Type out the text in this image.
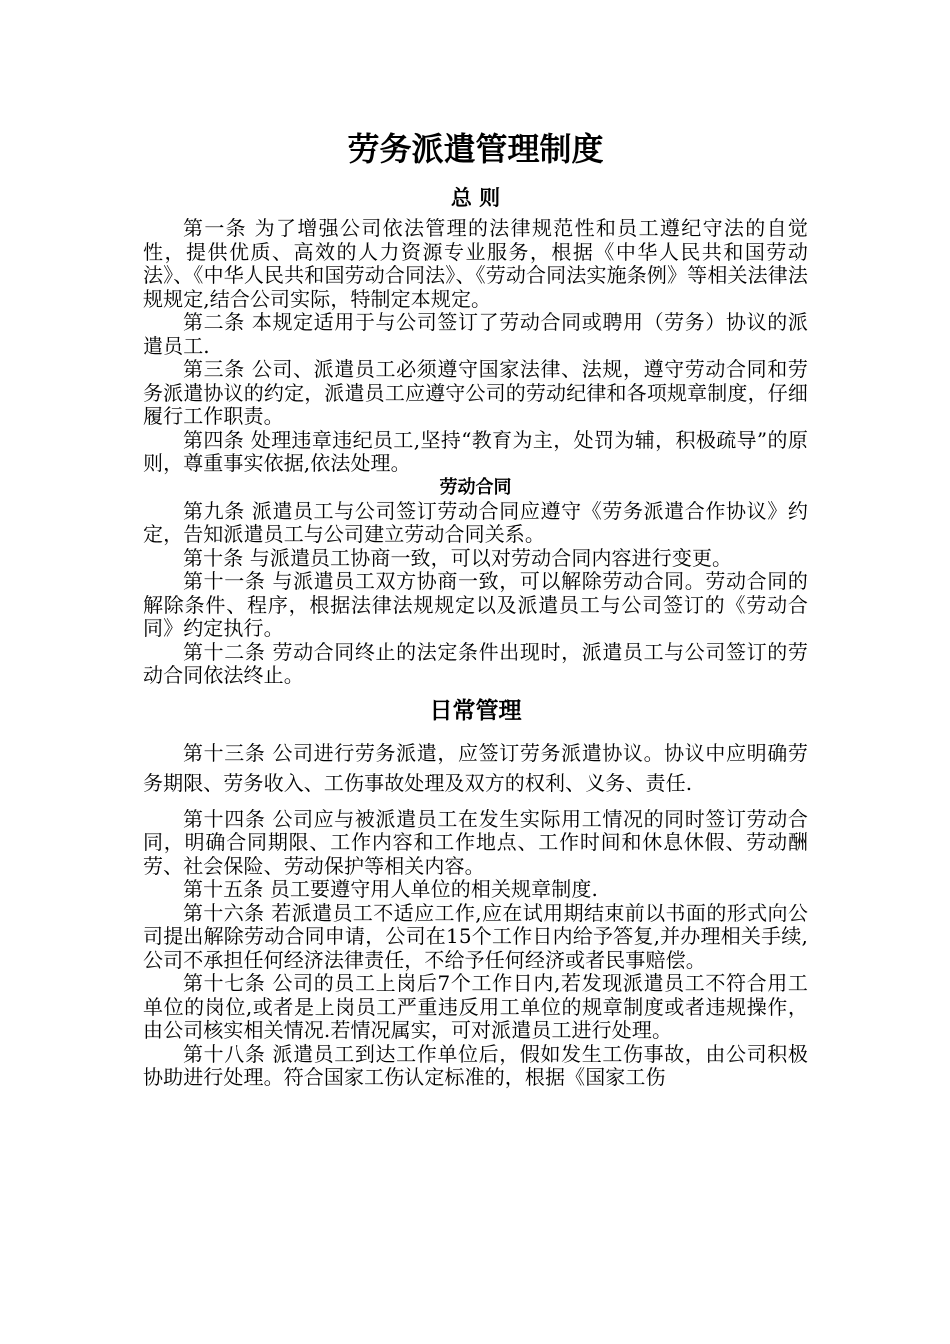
劳务派遣管理制度
总 则

第一条 为了增强公司依法管理的法律规范性和员工遵纪守法的自觉性，提供优质、高效的人力资源专业服务，根据《中华人民共和国劳动法》、《中华人民共和国劳动合同法》、《劳动合同法实施条例》等相关法律法规规定,结合公司实际，特制定本规定。

第二条 本规定适用于与公司签订了劳动合同或聘用（劳务）协议的派遣员工.

第三条 公司、派遣员工必须遵守国家法律、法规，遵守劳动合同和劳务派遣协议的约定，派遣员工应遵守公司的劳动纪律和各项规章制度，仔细履行工作职责。

第四条 处理违章违纪员工,坚持“教育为主，处罚为辅，积极疏导”的原则，尊重事实依据,依法处理。

劳动合同

第九条 派遣员工与公司签订劳动合同应遵守《劳务派遣合作协议》约定，告知派遣员工与公司建立劳动合同关系。

第十条 与派遣员工协商一致，可以对劳动合同内容进行变更。

第十一条 与派遣员工双方协商一致，可以解除劳动合同。劳动合同的解除条件、程序，根据法律法规规定以及派遣员工与公司签订的《劳动合同》约定执行。

第十二条 劳动合同终止的法定条件出现时，派遣员工与公司签订的劳动合同依法终止。

日常管理

第十三条 公司进行劳务派遣，应签订劳务派遣协议。协议中应明确劳务期限、劳务收入、工伤事故处理及双方的权利、义务、责任.

第十四条 公司应与被派遣员工在发生实际用工情况的同时签订劳动合同，明确合同期限、工作内容和工作地点、工作时间和休息休假、劳动酬劳、社会保险、劳动保护等相关内容。

第十五条 员工要遵守用人单位的相关规章制度.

第十六条 若派遣员工不适应工作,应在试用期结束前以书面的形式向公司提出解除劳动合同申请，公司在15个工作日内给予答复,并办理相关手续,公司不承担任何经济法律责任，不给予任何经济或者民事赔偿。

第十七条 公司的员工上岗后7个工作日内,若发现派遣员工不符合用工单位的岗位,或者是上岗员工严重违反用工单位的规章制度或者违规操作，由公司核实相关情况.若情况属实，可对派遣员工进行处理。

第十八条 派遣员工到达工作单位后，假如发生工伤事故，由公司积极协助进行处理。符合国家工伤认定标准的，根据《国家工伤
